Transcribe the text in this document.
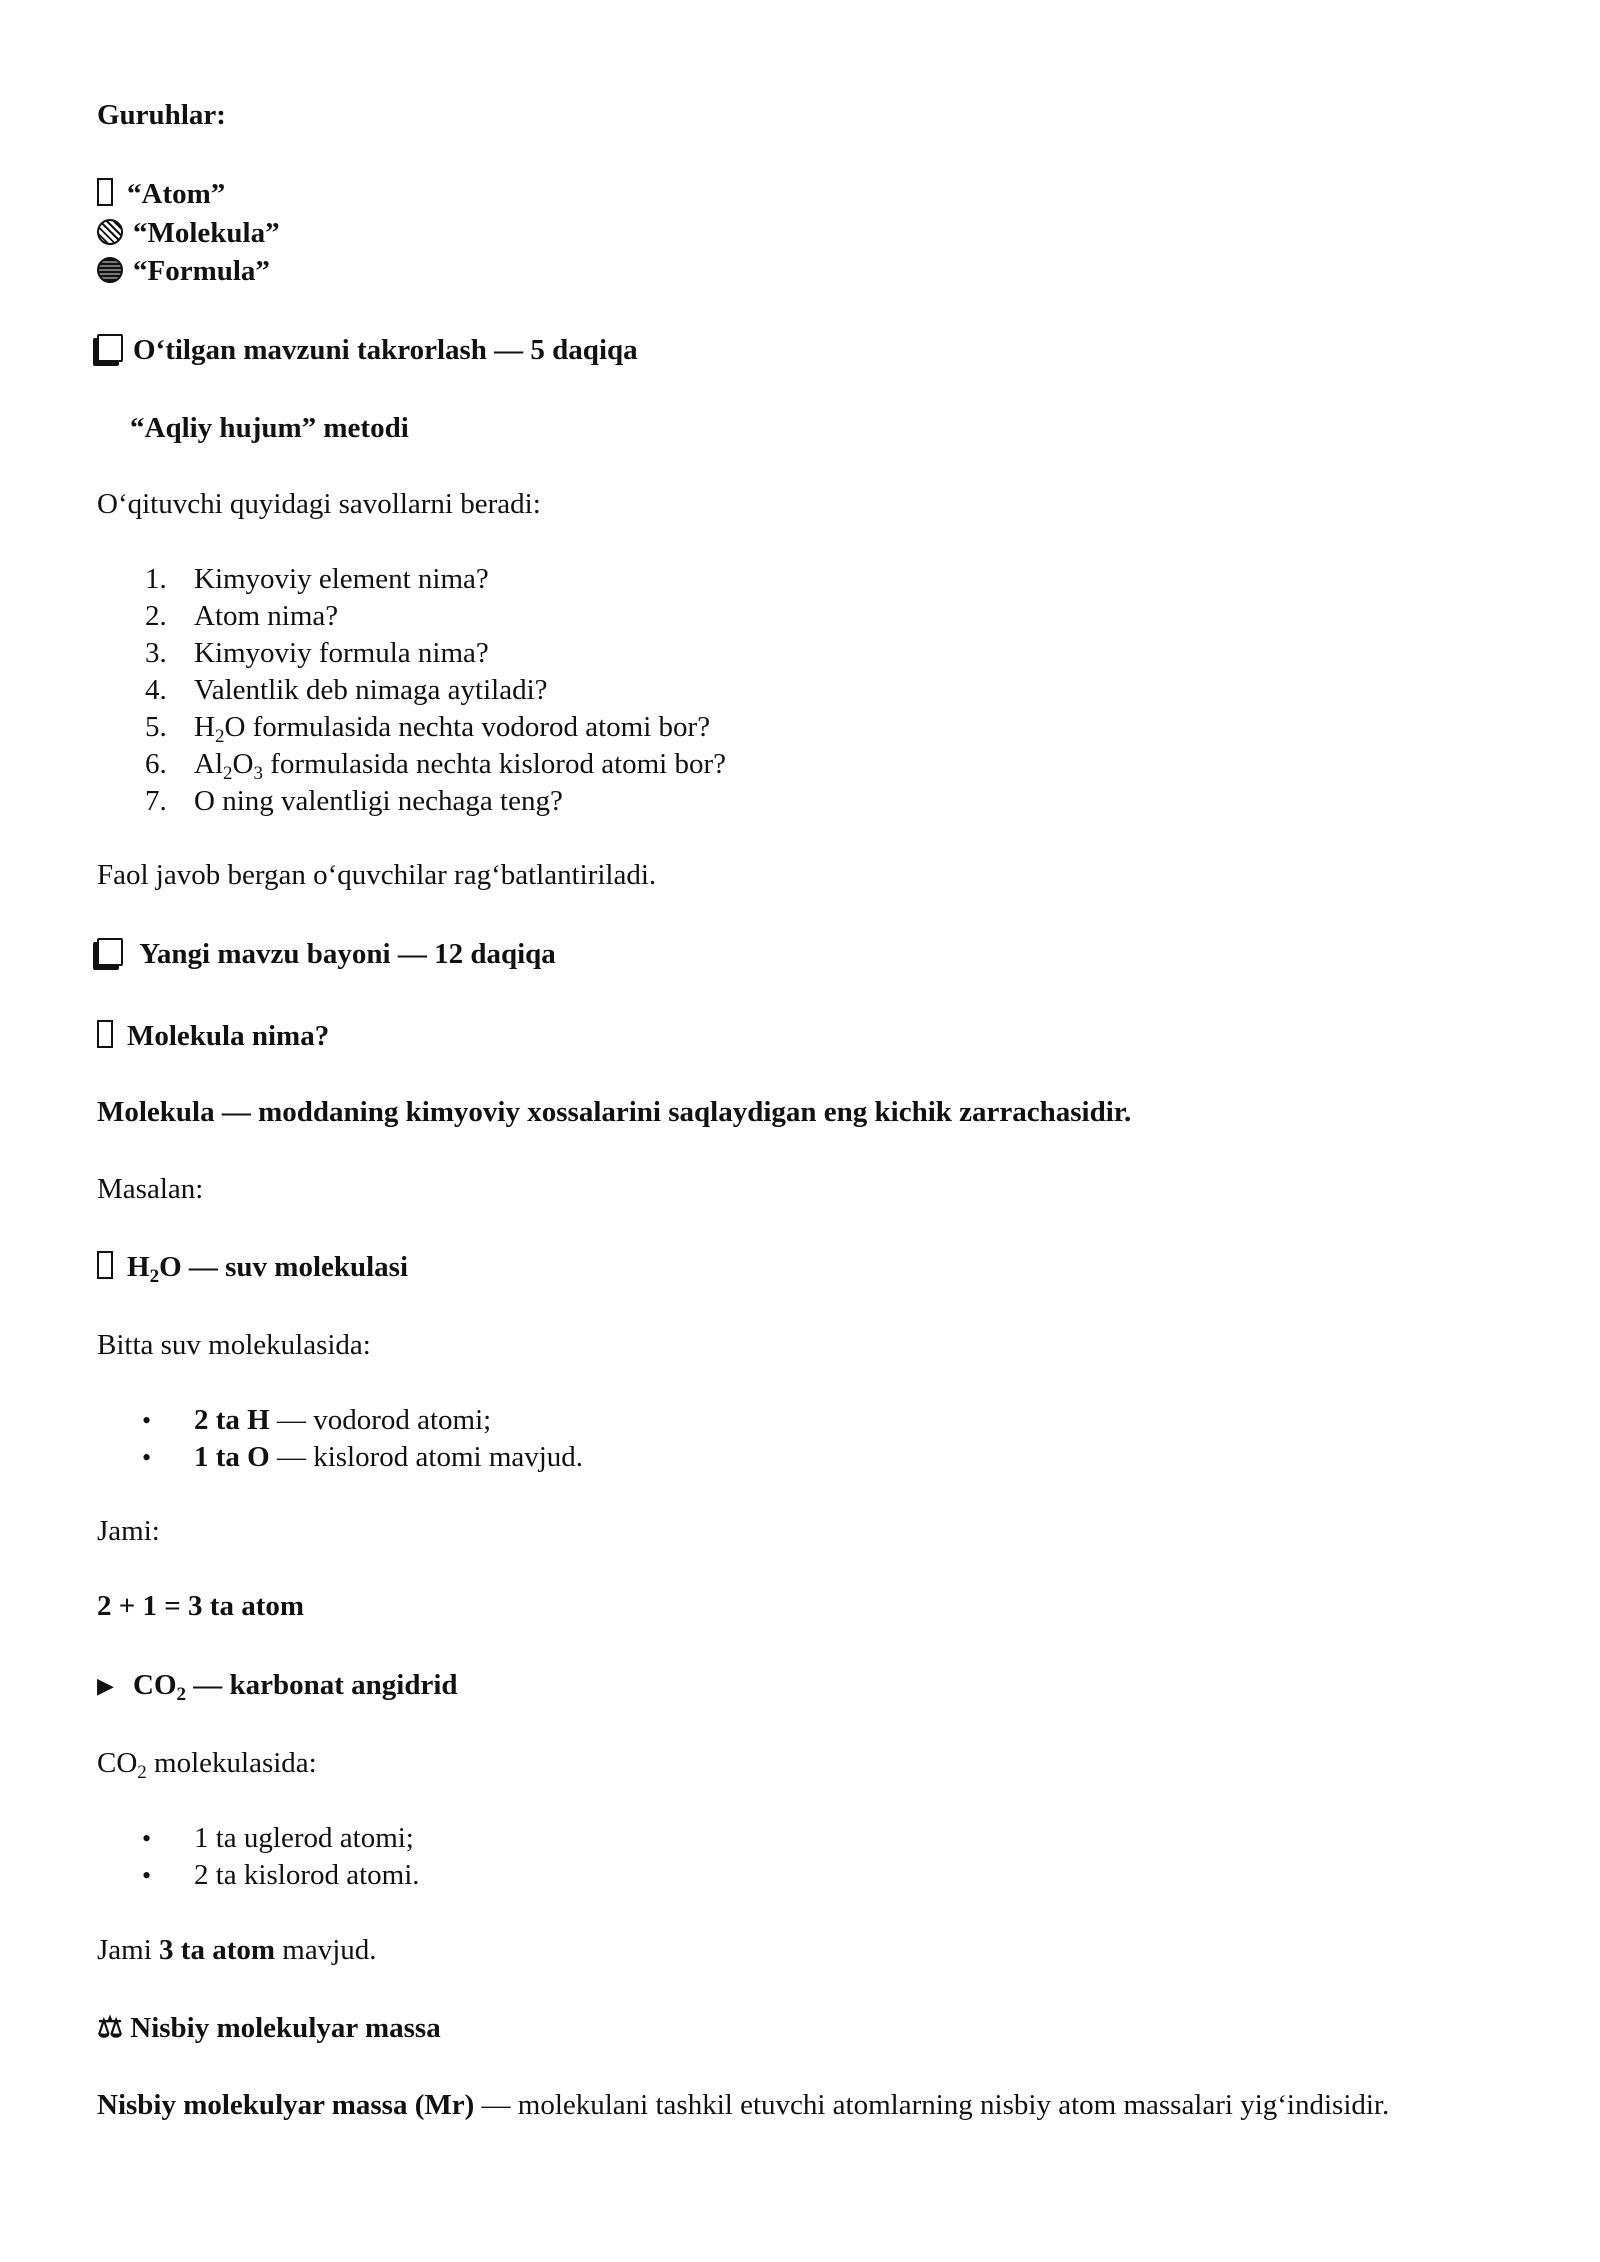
Guruhlar:
“Atom”
“Molekula”
“Formula”
O‘tilgan mavzuni takrorlash — 5 daqiqa
“Aqliy hujum” metodi
O‘qituvchi quyidagi savollarni beradi:
1. Kimyoviy element nima?
2. Atom nima?
3. Kimyoviy formula nima?
4. Valentlik deb nimaga aytiladi?
5. $H_2O$ formulasida nechta vodorod atomi bor?
6. $Al_2O_3$ formulasida nechta kislorod atomi bor?
7. O ning valentligi nechaga teng?
Faol javob bergan o‘quvchilar rag‘batlantiriladi.
Yangi mavzu bayoni — 12 daqiqa
Molekula nima?
Molekula — moddaning kimyoviy xossalarini saqlaydigan eng kichik zarrachasidir.
Masalan:
$H_2O$ — suv molekulasi
Bitta suv molekulasida:
• 2 ta H — vodorod atomi;
• 1 ta O — kislorod atomi mavjud.
Jami:
2 + 1 = 3 ta atom
▶︎ $CO_2$ — karbonat angidrid
$CO_2$ molekulasida:
• 1 ta uglerod atomi;
• 2 ta kislorod atomi.
Jami 3 ta atom mavjud.
⚖ Nisbiy molekulyar massa
Nisbiy molekulyar massa (Mr) — molekulani tashkil etuvchi atomlarning nisbiy atom massalari yig‘indisidir.
